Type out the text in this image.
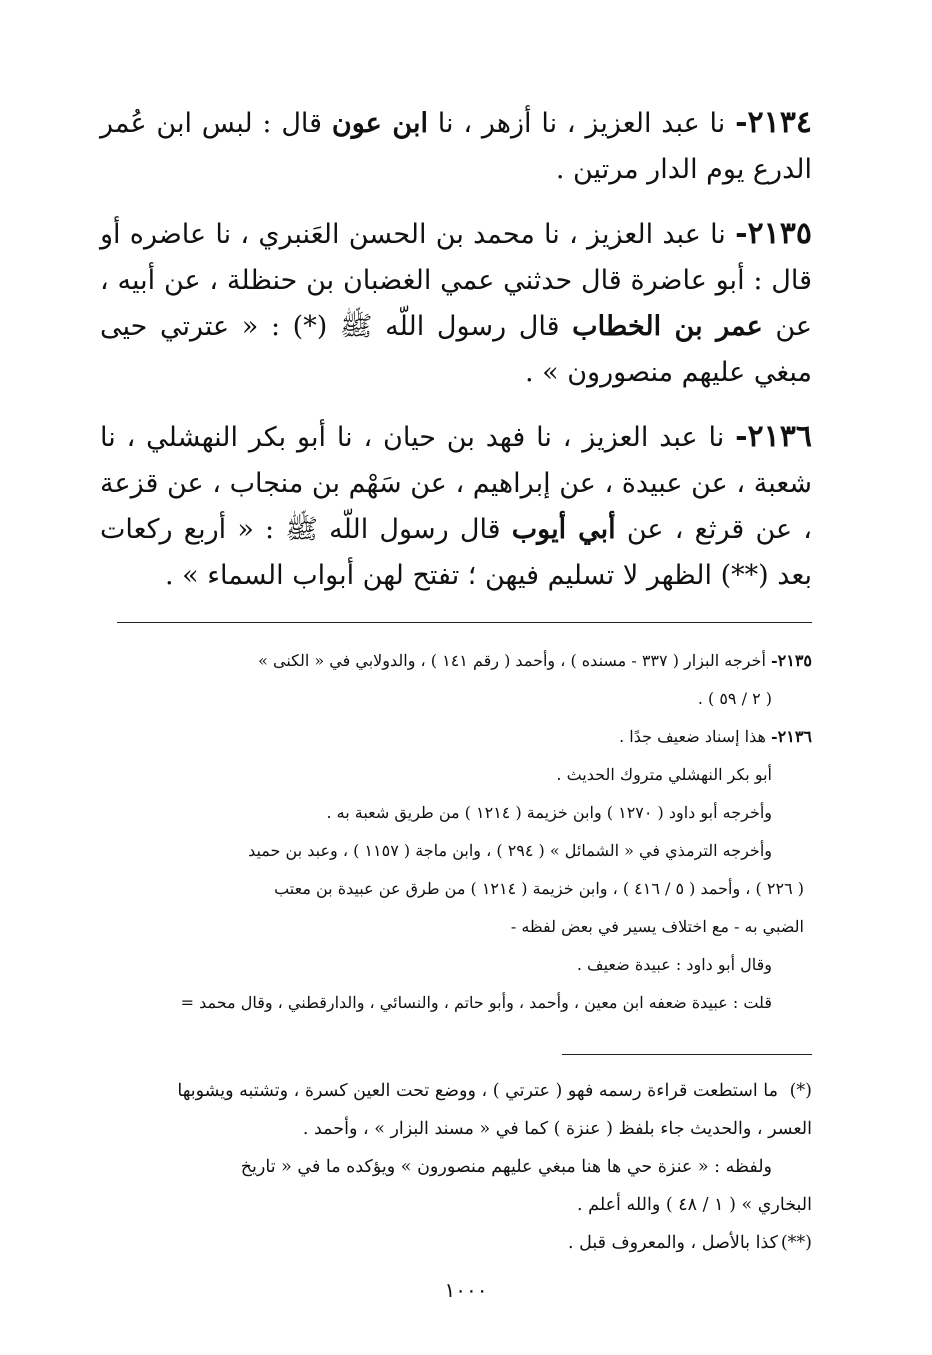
٢١٣٤- نا عبد العزيز ، نا أزهر ، نا ابن عون قال : لبس ابن عُمر الدرع يوم الدار مرتين .

٢١٣٥- نا عبد العزيز ، نا محمد بن الحسن العَنبري ، نا عاضره أو قال : أبو عاضرة قال حدثني عمي الغضبان بن حنظلة ، عن أبيه ، عن عمر بن الخطاب قال رسول اللّه ﷺ (*) : « عترتي حيى مبغي عليهم منصورون » .

٢١٣٦- نا عبد العزيز ، نا فهد بن حيان ، نا أبو بكر النهشلي ، نا شعبة ، عن عبيدة ، عن إبراهيم ، عن سَهْم بن منجاب ، عن قزعة ، عن قرثع ، عن أبي أيوب قال رسول اللّه ﷺ : « أربع ركعات بعد (**) الظهر لا تسليم فيهن ؛ تفتح لهن أبواب السماء » .

٢١٣٥- أخرجه البزار ( ٣٣٧ - مسنده ) ، وأحمد ( رقم ١٤١ ) ، والدولابي في « الكنى »
( ٢ / ٥٩ ) .
٢١٣٦- هذا إسناد ضعيف جدًا .
أبو بكر النهشلي متروك الحديث .
وأخرجه أبو داود ( ١٢٧٠ ) وابن خزيمة ( ١٢١٤ ) من طريق شعبة به .
وأخرجه الترمذي في « الشمائل » ( ٢٩٤ ) ، وابن ماجة ( ١١٥٧ ) ، وعبد بن حميد
( ٢٢٦ ) ، وأحمد ( ٥ / ٤١٦ ) ، وابن خزيمة ( ١٢١٤ ) من طرق عن عبيدة بن معتب
الضبي به - مع اختلاف يسير في بعض لفظه -
وقال أبو داود : عبيدة ضعيف .
قلت : عبيدة ضعفه ابن معين ، وأحمد ، وأبو حاتم ، والنسائي ، والدارقطني ، وقال محمد =
(*)ما استطعت قراءة رسمه فهو ( عترتي ) ، ووضع تحت العين كسرة ، وتشتبه ويشوبها
العسر ، والحديث جاء بلفظ ( عنزة ) كما في « مسند البزار » ، وأحمد .
ولفظه : « عنزة حي ها هنا مبغي عليهم منصورون » ويؤكده ما في « تاريخ
البخاري » ( ١ / ٤٨ ) والله أعلم .
(**)كذا بالأصل ، والمعروف قبل .
١٠٠٠
